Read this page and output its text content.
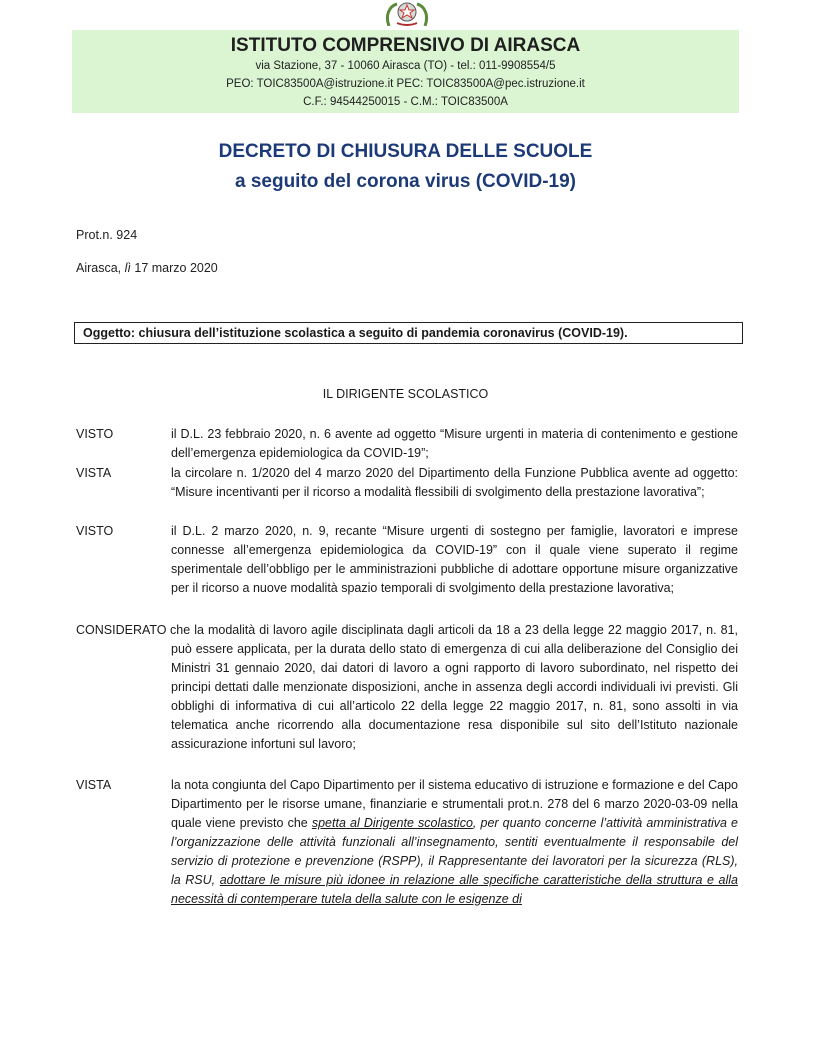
ISTITUTO COMPRENSIVO DI AIRASCA
via Stazione, 37 - 10060 Airasca (TO) - tel.: 011-9908554/5
PEO: TOIC83500A@istruzione.it PEC: TOIC83500A@pec.istruzione.it
C.F.: 94544250015 - C.M.: TOIC83500A
DECRETO DI CHIUSURA DELLE SCUOLE
a seguito del corona virus (COVID-19)
Prot.n. 924
Airasca, lì 17 marzo 2020
Oggetto: chiusura dell’istituzione scolastica a seguito di pandemia coronavirus (COVID-19).
IL DIRIGENTE SCOLASTICO
VISTO	il D.L. 23 febbraio 2020, n. 6 avente ad oggetto “Misure urgenti in materia di contenimento e gestione dell’emergenza epidemiologica da COVID-19”;
VISTA	la circolare n. 1/2020 del 4 marzo 2020 del Dipartimento della Funzione Pubblica avente ad oggetto: “Misure incentivanti per il ricorso a modalità flessibili di svolgimento della prestazione lavorativa”;
VISTO	il D.L. 2 marzo 2020, n. 9, recante “Misure urgenti di sostegno per famiglie, lavoratori e imprese connesse all’emergenza epidemiologica da COVID-19” con il quale viene superato il regime sperimentale dell’obbligo per le amministrazioni pubbliche di adottare opportune misure organizzative per il ricorso a nuove modalità spazio temporali di svolgimento della prestazione lavorativa;
CONSIDERATO che la modalità di lavoro agile disciplinata dagli articoli da 18 a 23 della legge 22 maggio 2017, n. 81, può essere applicata, per la durata dello stato di emergenza di cui alla deliberazione del Consiglio dei Ministri 31 gennaio 2020, dai datori di lavoro a ogni rapporto di lavoro subordinato, nel rispetto dei principi dettati dalle menzionate disposizioni, anche in assenza degli accordi individuali ivi previsti. Gli obblighi di informativa di cui all’articolo 22 della legge 22 maggio 2017, n. 81, sono assolti in via telematica anche ricorrendo alla documentazione resa disponibile sul sito dell’Istituto nazionale assicurazione infortuni sul lavoro;
VISTA	la nota congiunta del Capo Dipartimento per il sistema educativo di istruzione e formazione e del Capo Dipartimento per le risorse umane, finanziarie e strumentali prot.n. 278 del 6 marzo 2020-03-09 nella quale viene previsto che spetta al Dirigente scolastico, per quanto concerne l’attività amministrativa e l’organizzazione delle attività funzionali all’insegnamento, sentiti eventualmente il responsabile del servizio di protezione e prevenzione (RSPP), il Rappresentante dei lavoratori per la sicurezza (RLS), la RSU, adottare le misure più idonee in relazione alle specifiche caratteristiche della struttura e alla necessità di contemperare tutela della salute con le esigenze di
